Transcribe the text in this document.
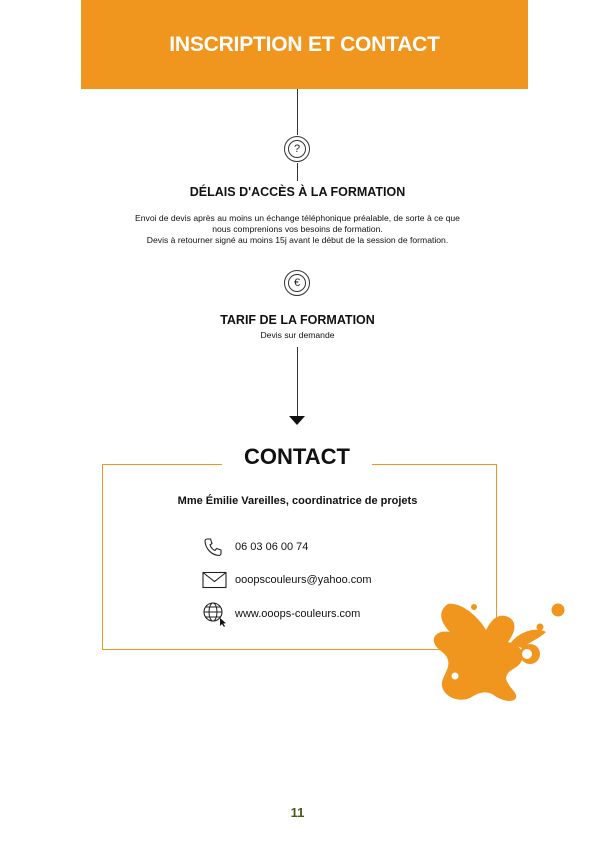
INSCRIPTION ET CONTACT
?
DÉLAIS D'ACCÈS À LA FORMATION
Envoi de devis après au moins un échange téléphonique préalable, de sorte à ce que
nous comprenions vos besoins de formation.
Devis à retourner signé au moins 15j avant le début de la session de formation.
€
TARIF DE LA FORMATION
Devis sur demande
CONTACT
Mme Émilie Vareilles, coordinatrice de projets
06 03 06 00 74
ooopscouleurs@yahoo.com
www.ooops-couleurs.com
11
